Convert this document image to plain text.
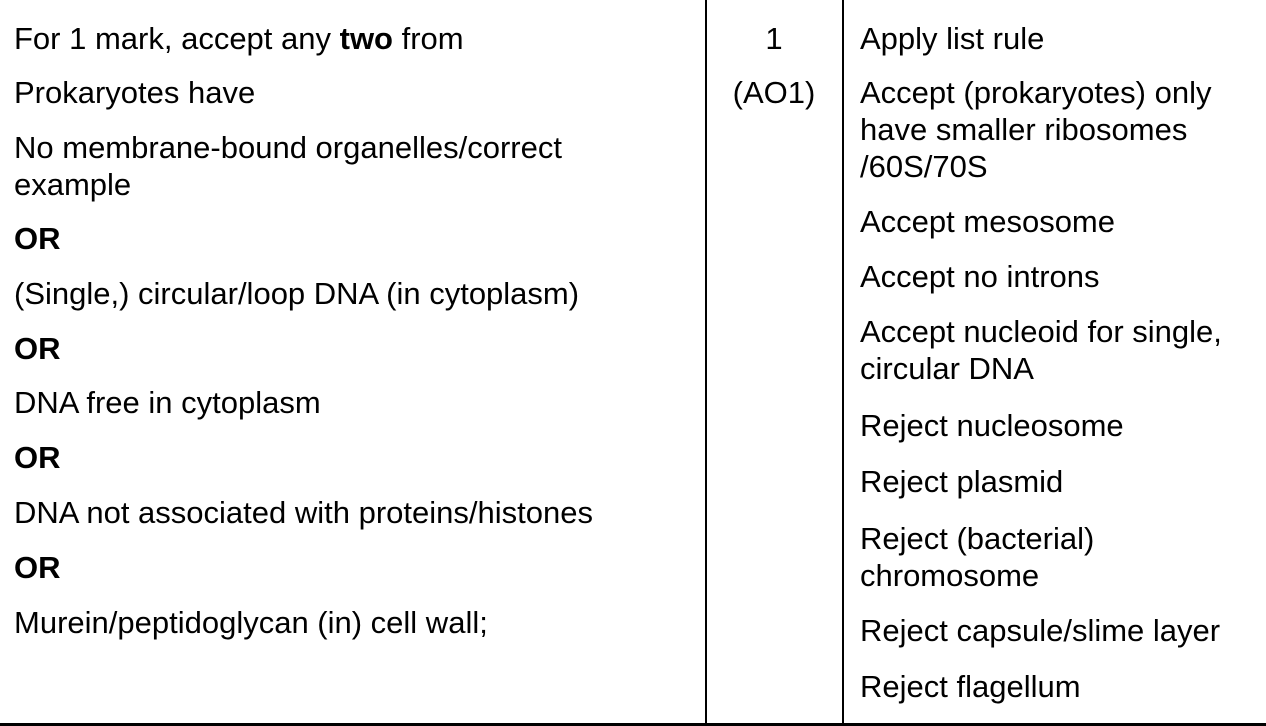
For 1 mark, accept any two from

Prokaryotes have

No membrane-bound organelles/correct example

OR

(Single,) circular/loop DNA (in cytoplasm)

OR

DNA free in cytoplasm

OR

DNA not associated with proteins/histones

OR

Murein/peptidoglycan (in) cell wall;

1

(AO1)

Apply list rule

Accept (prokaryotes) only have smaller ribosomes /60S/70S

Accept mesosome

Accept no introns

Accept nucleoid for single, circular DNA

Reject nucleosome

Reject plasmid

Reject (bacterial) chromosome

Reject capsule/slime layer

Reject flagellum
